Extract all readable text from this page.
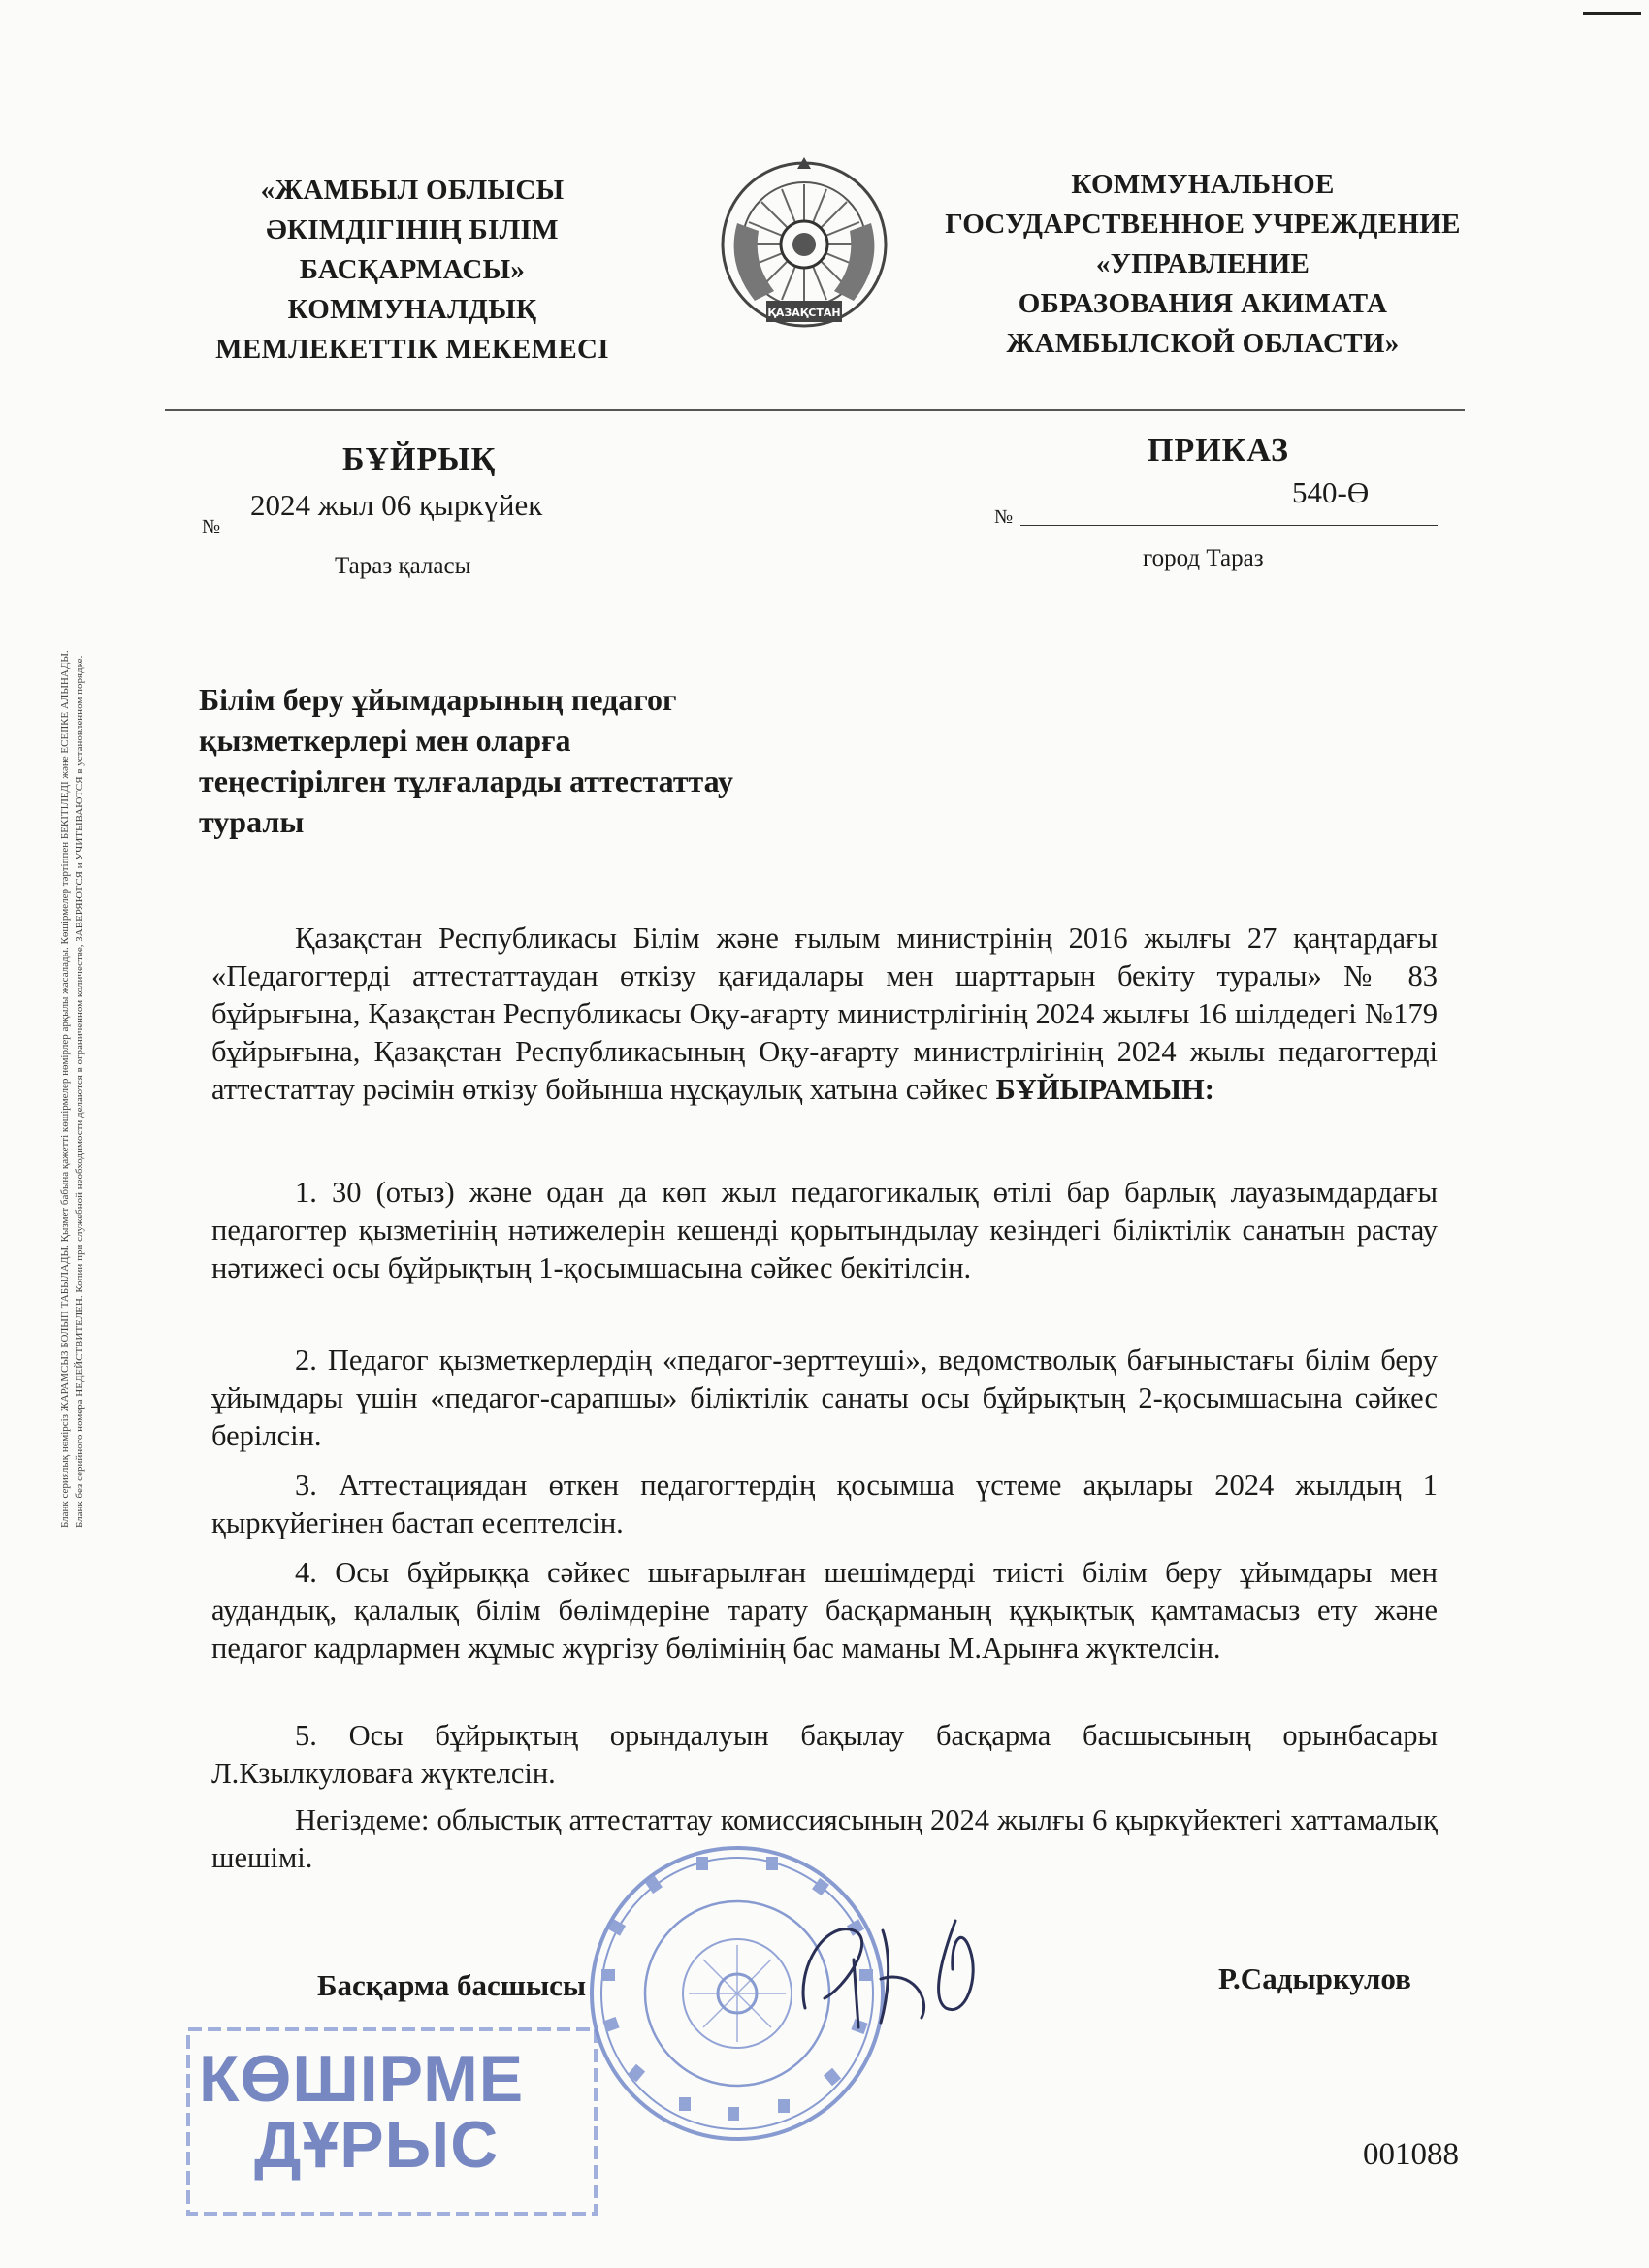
«ЖАМБЫЛ ОБЛЫСЫ
ӘКІМДІГІНІҢ БІЛІМ
БАСҚАРМАСЫ»
КОММУНАЛДЫҚ
МЕМЛЕКЕТТІК МЕКЕМЕСІ
ҚАЗАҚСТАН
КОММУНАЛЬНОЕ
ГОСУДАРСТВЕННОЕ УЧРЕЖДЕНИЕ
«УПРАВЛЕНИЕ
ОБРАЗОВАНИЯ АКИМАТА
ЖАМБЫЛСКОЙ ОБЛАСТИ»
БҰЙРЫҚ	ПРИКАЗ
№
2024 жыл 06 қыркүйек	№
540-Ө
Тараз қаласы	город Тараз
Білім беру ұйымдарының педагог
қызметкерлері мен оларға
теңестірілген тұлғаларды аттестаттау
туралы

Қазақстан Республикасы Білім және ғылым министрінің 2016 жылғы 27 қаңтардағы «Педагогтерді аттестаттаудан өткізу қағидалары мен шарттарын бекіту туралы» № 83 бұйрығына, Қазақстан Республикасы Оқу-ағарту министрлігінің 2024 жылғы 16 шілдедегі №179 бұйрығына, Қазақстан Республикасының Оқу-ағарту министрлігінің 2024 жылы педагогтерді аттестаттау рәсімін өткізу бойынша нұсқаулық хатына сәйкес БҰЙЫРАМЫН:

1. 30 (отыз) және одан да көп жыл педагогикалық өтілі бар барлық лауазымдардағы педагогтер қызметінің нәтижелерін кешенді қорытындылау кезіндегі біліктілік санатын растау нәтижесі осы бұйрықтың 1-қосымшасына сәйкес бекітілсін.

2. Педагог қызметкерлердің «педагог-зерттеуші», ведомстволық бағыныстағы білім беру ұйымдары үшін «педагог-сарапшы» біліктілік санаты осы бұйрықтың 2-қосымшасына сәйкес берілсін.

3. Аттестациядан өткен педагогтердің қосымша үстеме ақылары 2024 жылдың 1 қыркүйегінен бастап есептелсін.

4. Осы бұйрыққа сәйкес шығарылған шешімдерді тиісті білім беру ұйымдары мен аудандық, қалалық білім бөлімдеріне тарату басқарманың құқықтық қамтамасыз ету және педагог кадрлармен жұмыс жүргізу бөлімінің бас маманы М.Арынға жүктелсін.

5. Осы бұйрықтың орындалуын бақылау басқарма басшысының орынбасары Л.Кзылкуловаға жүктелсін.

Негіздеме: облыстық аттестаттау комиссиясының 2024 жылғы 6 қыркүйектегі хаттамалық шешімі.

Басқарма басшысы	Р.Садыркулов
КӨШІРМЕ
ДҰРЫС	001088
Бланк сериялық нөмірсіз ЖАРАМСЫЗ БОЛЫП ТАБЫЛАДЫ. Қызмет бабына қажетті көшірмелер нөмірлер арқылы жасалады. Көшірмелер тәртіппен БЕКІТІЛЕДІ және ЕСЕПКЕ АЛЫНАДЫ. Бланк без серийного номера НЕДЕЙСТВИТЕЛЕН. Копии при служебной необходимости делаются в ограниченном количестве, ЗАВЕРЯЮТСЯ и УЧИТЫВАЮТСЯ в установленном порядке.
